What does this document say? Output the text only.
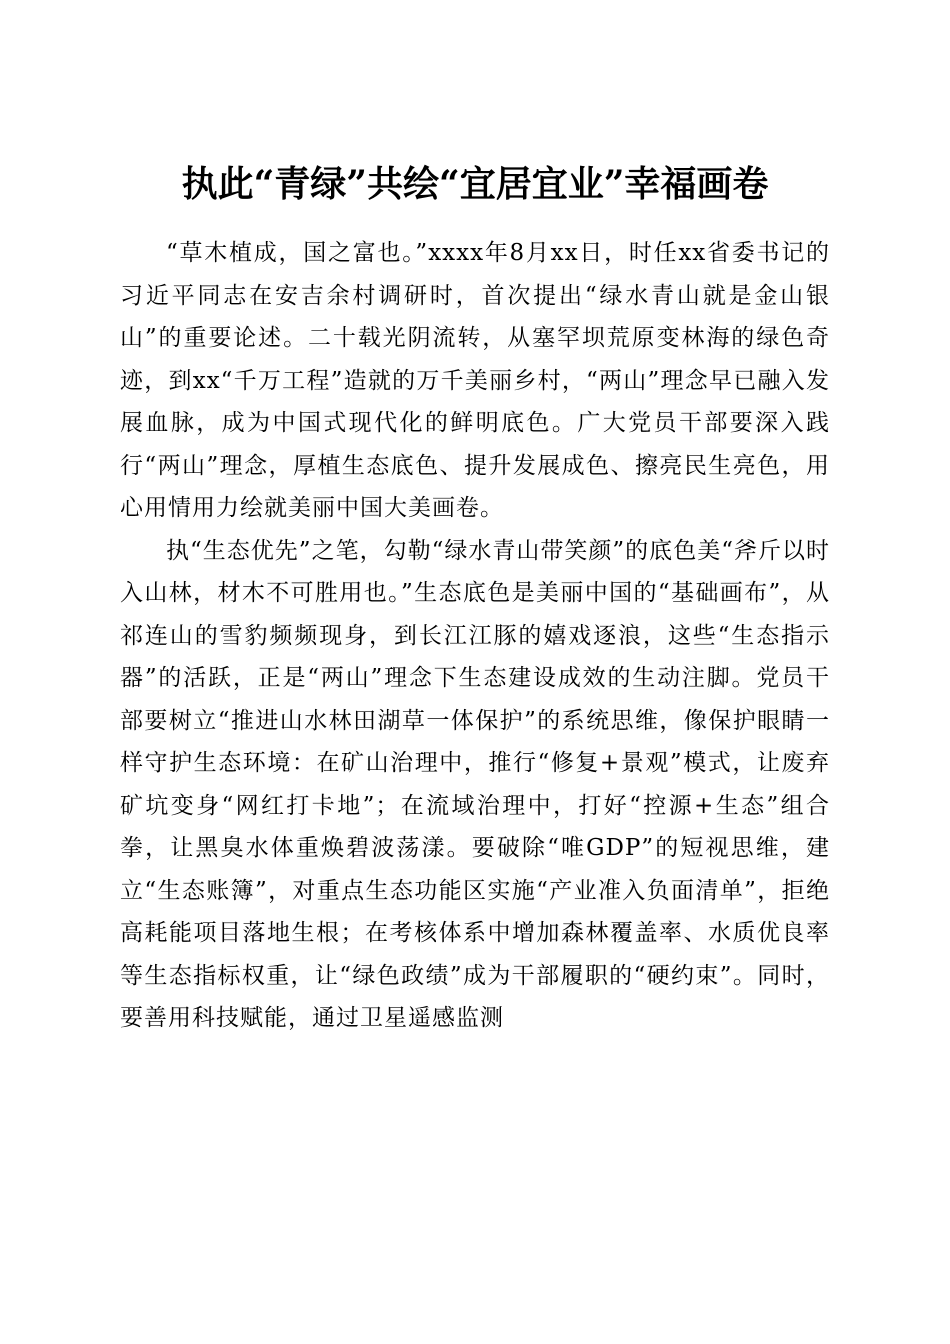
执此“青绿”共绘“宜居宜业”幸福画卷

“草木植成，国之富也。”xxxx年8月xx日，时任xx省委书记的习近平同志在安吉余村调研时，首次提出“绿水青山就是金山银山”的重要论述。二十载光阴流转，从塞罕坝荒原变林海的绿色奇迹，到xx“千万工程”造就的万千美丽乡村，“两山”理念早已融入发展血脉，成为中国式现代化的鲜明底色。广大党员干部要深入践行“两山”理念，厚植生态底色、提升发展成色、擦亮民生亮色，用心用情用力绘就美丽中国大美画卷。

执“生态优先”之笔，勾勒“绿水青山带笑颜”的底色美“斧斤以时入山林，材木不可胜用也。”生态底色是美丽中国的“基础画布”，从祁连山的雪豹频频现身，到长江江豚的嬉戏逐浪，这些“生态指示器”的活跃，正是“两山”理念下生态建设成效的生动注脚。党员干部要树立“推进山水林田湖草一体保护”的系统思维，像保护眼睛一样守护生态环境：在矿山治理中，推行“修复+景观”模式，让废弃矿坑变身“网红打卡地”；在流域治理中，打好“控源+生态”组合拳，让黑臭水体重焕碧波荡漾。要破除“唯GDP”的短视思维，建立“生态账簿”，对重点生态功能区实施“产业准入负面清单”，拒绝高耗能项目落地生根；在考核体系中增加森林覆盖率、水质优良率等生态指标权重，让“绿色政绩”成为干部履职的“硬约束”。同时，要善用科技赋能，通过卫星遥感监测
